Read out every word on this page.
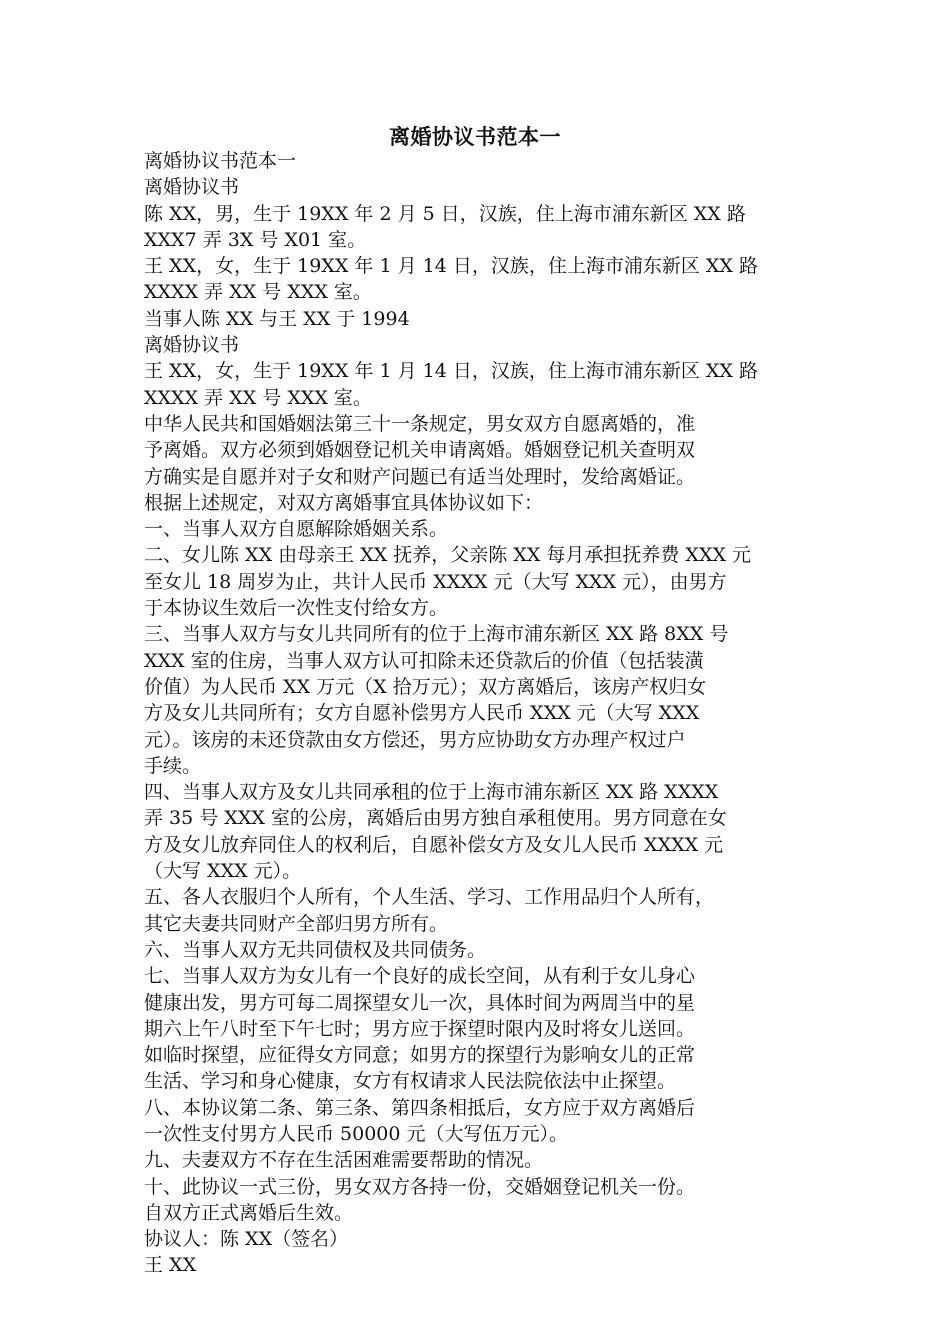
离婚协议书范本一
离婚协议书范本一
离婚协议书
陈 XX，男，生于 19XX 年 2 月 5 日，汉族，住上海市浦东新区 XX 路
XXX7 弄 3X 号 X01 室。
王 XX，女，生于 19XX 年 1 月 14 日，汉族，住上海市浦东新区 XX 路
XXXX 弄 XX 号 XXX 室。
当事人陈 XX 与王 XX 于 1994
离婚协议书
王 XX，女，生于 19XX 年 1 月 14 日，汉族，住上海市浦东新区 XX 路
XXXX 弄 XX 号 XXX 室。
中华人民共和国婚姻法第三十一条规定，男女双方自愿离婚的，准
予离婚。双方必须到婚姻登记机关申请离婚。婚姻登记机关查明双
方确实是自愿并对子女和财产问题已有适当处理时，发给离婚证。
根据上述规定，对双方离婚事宜具体协议如下：
一、当事人双方自愿解除婚姻关系。
二、女儿陈 XX 由母亲王 XX 抚养，父亲陈 XX 每月承担抚养费 XXX 元
至女儿 18 周岁为止，共计人民币 XXXX 元（大写 XXX 元），由男方
于本协议生效后一次性支付给女方。
三、当事人双方与女儿共同所有的位于上海市浦东新区 XX 路 8XX 号
XXX 室的住房，当事人双方认可扣除未还贷款后的价值（包括装潢
价值）为人民币 XX 万元（X 拾万元）；双方离婚后，该房产权归女
方及女儿共同所有；女方自愿补偿男方人民币 XXX 元（大写 XXX
元）。该房的未还贷款由女方偿还，男方应协助女方办理产权过户
手续。
四、当事人双方及女儿共同承租的位于上海市浦东新区 XX 路 XXXX
弄 35 号 XXX 室的公房，离婚后由男方独自承租使用。男方同意在女
方及女儿放弃同住人的权利后，自愿补偿女方及女儿人民币 XXXX 元
（大写 XXX 元）。
五、各人衣服归个人所有，个人生活、学习、工作用品归个人所有，
其它夫妻共同财产全部归男方所有。
六、当事人双方无共同债权及共同债务。
七、当事人双方为女儿有一个良好的成长空间，从有利于女儿身心
健康出发，男方可每二周探望女儿一次，具体时间为两周当中的星
期六上午八时至下午七时；男方应于探望时限内及时将女儿送回。
如临时探望，应征得女方同意；如男方的探望行为影响女儿的正常
生活、学习和身心健康，女方有权请求人民法院依法中止探望。
八、本协议第二条、第三条、第四条相抵后，女方应于双方离婚后
一次性支付男方人民币 50000 元（大写伍万元）。
九、夫妻双方不存在生活困难需要帮助的情况。
十、此协议一式三份，男女双方各持一份，交婚姻登记机关一份。
自双方正式离婚后生效。
协议人：陈 XX（签名）
王 XX
